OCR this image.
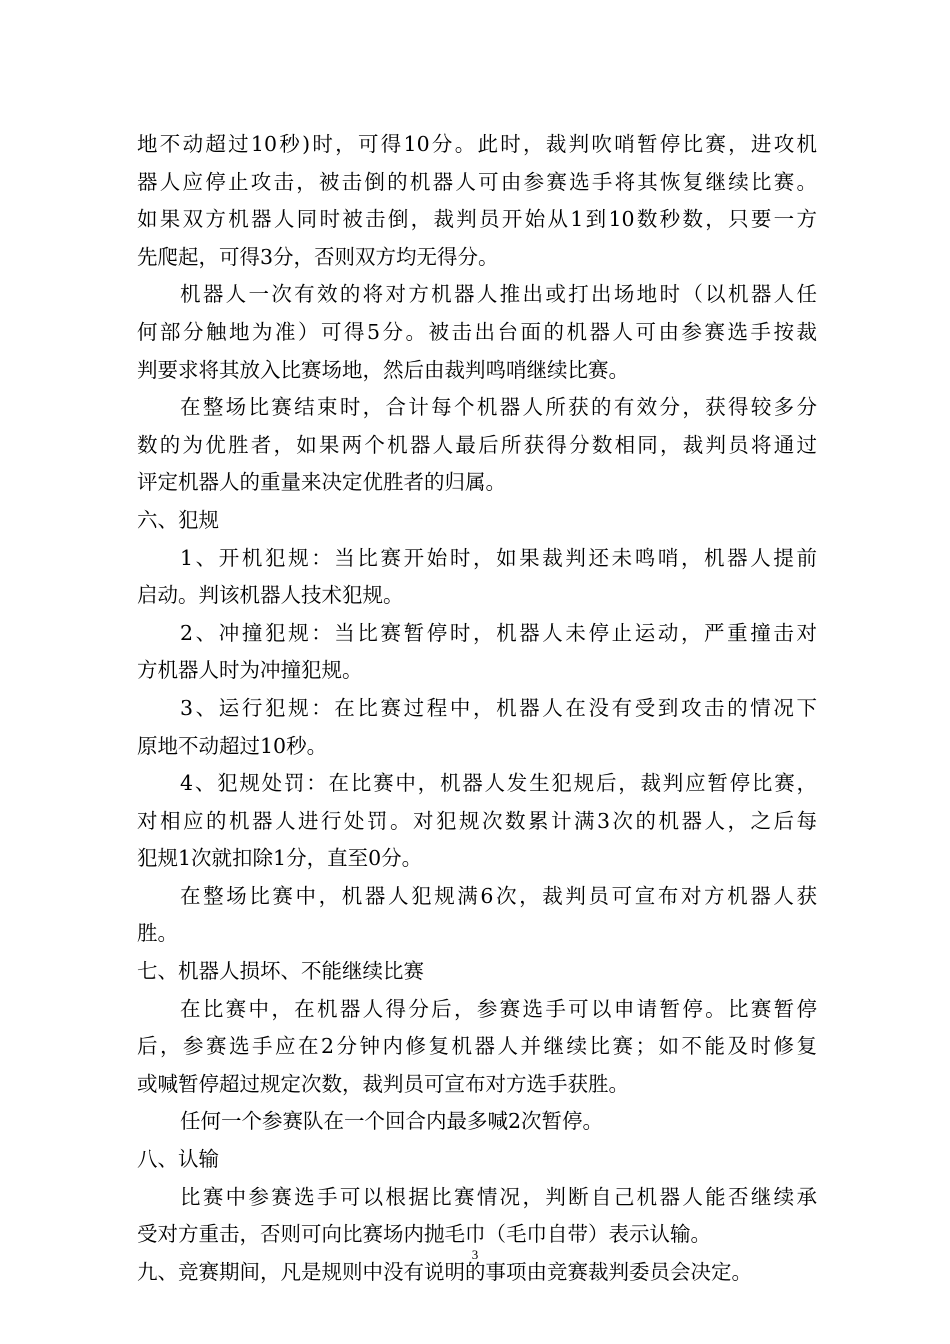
地不动超过10秒)时，可得10分。此时，裁判吹哨暂停比赛，进攻机
器人应停止攻击，被击倒的机器人可由参赛选手将其恢复继续比赛。
如果双方机器人同时被击倒，裁判员开始从1到10数秒数，只要一方
先爬起，可得3分，否则双方均无得分。
机器人一次有效的将对方机器人推出或打出场地时（以机器人任
何部分触地为准）可得5分。被击出台面的机器人可由参赛选手按裁
判要求将其放入比赛场地，然后由裁判鸣哨继续比赛。
在整场比赛结束时，合计每个机器人所获的有效分，获得较多分
数的为优胜者，如果两个机器人最后所获得分数相同，裁判员将通过
评定机器人的重量来决定优胜者的归属。
六、犯规
1、开机犯规：当比赛开始时，如果裁判还未鸣哨，机器人提前
启动。判该机器人技术犯规。
2、冲撞犯规：当比赛暂停时，机器人未停止运动，严重撞击对
方机器人时为冲撞犯规。
3、运行犯规：在比赛过程中，机器人在没有受到攻击的情况下
原地不动超过10秒。
4、犯规处罚：在比赛中，机器人发生犯规后，裁判应暂停比赛，
对相应的机器人进行处罚。对犯规次数累计满3次的机器人，之后每
犯规1次就扣除1分，直至0分。
在整场比赛中，机器人犯规满6次，裁判员可宣布对方机器人获
胜。
七、机器人损坏、不能继续比赛
在比赛中，在机器人得分后，参赛选手可以申请暂停。比赛暂停
后，参赛选手应在2分钟内修复机器人并继续比赛；如不能及时修复
或喊暂停超过规定次数，裁判员可宣布对方选手获胜。
任何一个参赛队在一个回合内最多喊2次暂停。
八、认输
比赛中参赛选手可以根据比赛情况，判断自己机器人能否继续承
受对方重击，否则可向比赛场内抛毛巾（毛巾自带）表示认输。
九、竞赛期间，凡是规则中没有说明的事项由竞赛裁判委员会决定。
3
